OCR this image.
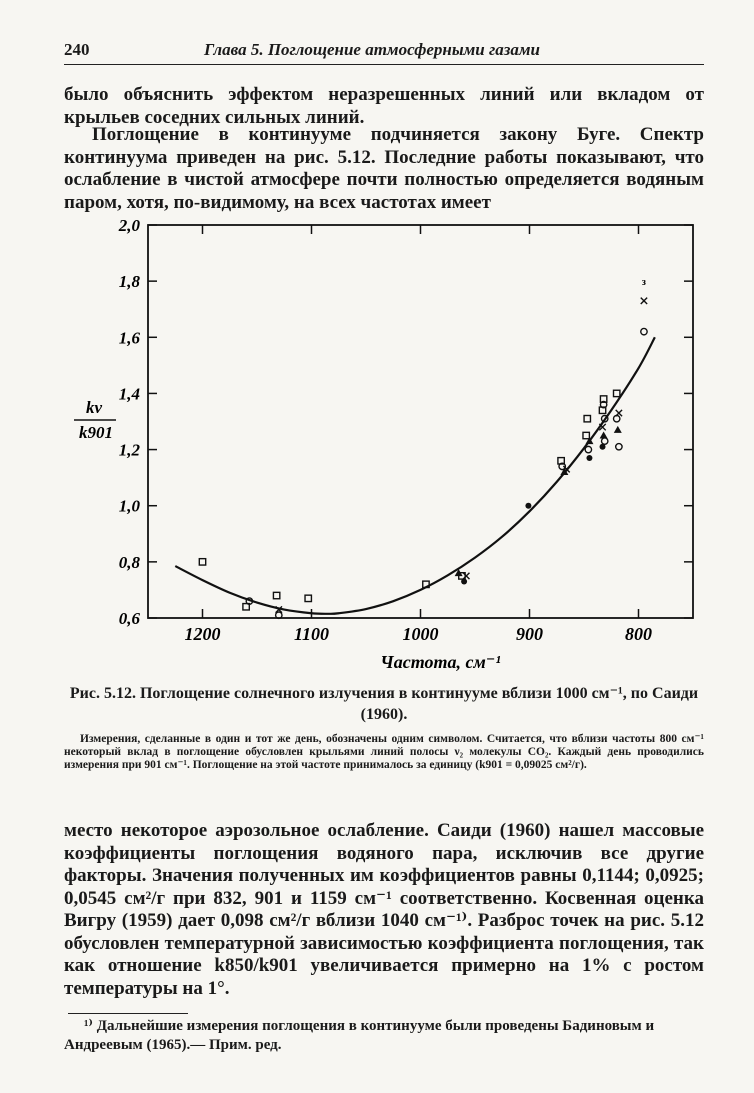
240	Глава 5. Поглощение атмосферными газами

было объяснить эффектом неразрешенных линий или вкладом от крыльев соседних сильных линий.

Поглощение в континууме подчиняется закону Буге. Спектр континуума приведен на рис. 5.12. Последние работы показывают, что ослабление в чистой атмосфере почти полностью определяется водяным паром, хотя, по-видимому, на всех частотах имеет

1200	1100	1000	900	800
2,0
1,8
1,6
1,4
1,2
1,0
0,8
0,6
з
Частота, см⁻¹
kν
k901

Рис. 5.12. Поглощение солнечного излучения в континууме вблизи 1000 см⁻¹, по Саиди (1960).

Измерения, сделанные в один и тот же день, обозначены одним символом. Считается, что вблизи частоты 800 см⁻¹ некоторый вклад в поглощение обусловлен крыльями линий полосы ν₂ молекулы CO₂. Каждый день проводились измерения при 901 см⁻¹. Поглощение на этой частоте принималось за единицу (k901 = 0,09025 см²/г).

место некоторое аэрозольное ослабление. Саиди (1960) нашел массовые коэффициенты поглощения водяного пара, исключив все другие факторы. Значения полученных им коэффициентов равны 0,1144; 0,0925; 0,0545 см²/г при 832, 901 и 1159 см⁻¹ соответственно. Косвенная оценка Вигру (1959) дает 0,098 см²/г вблизи 1040 см⁻¹⁾. Разброс точек на рис. 5.12 обусловлен температурной зависимостью коэффициента поглощения, так как отношение k850/k901 увеличивается примерно на 1% с ростом температуры на 1°.

¹⁾ Дальнейшие измерения поглощения в континууме были проведены Бадиновым и Андреевым (1965).— Прим. ред.
